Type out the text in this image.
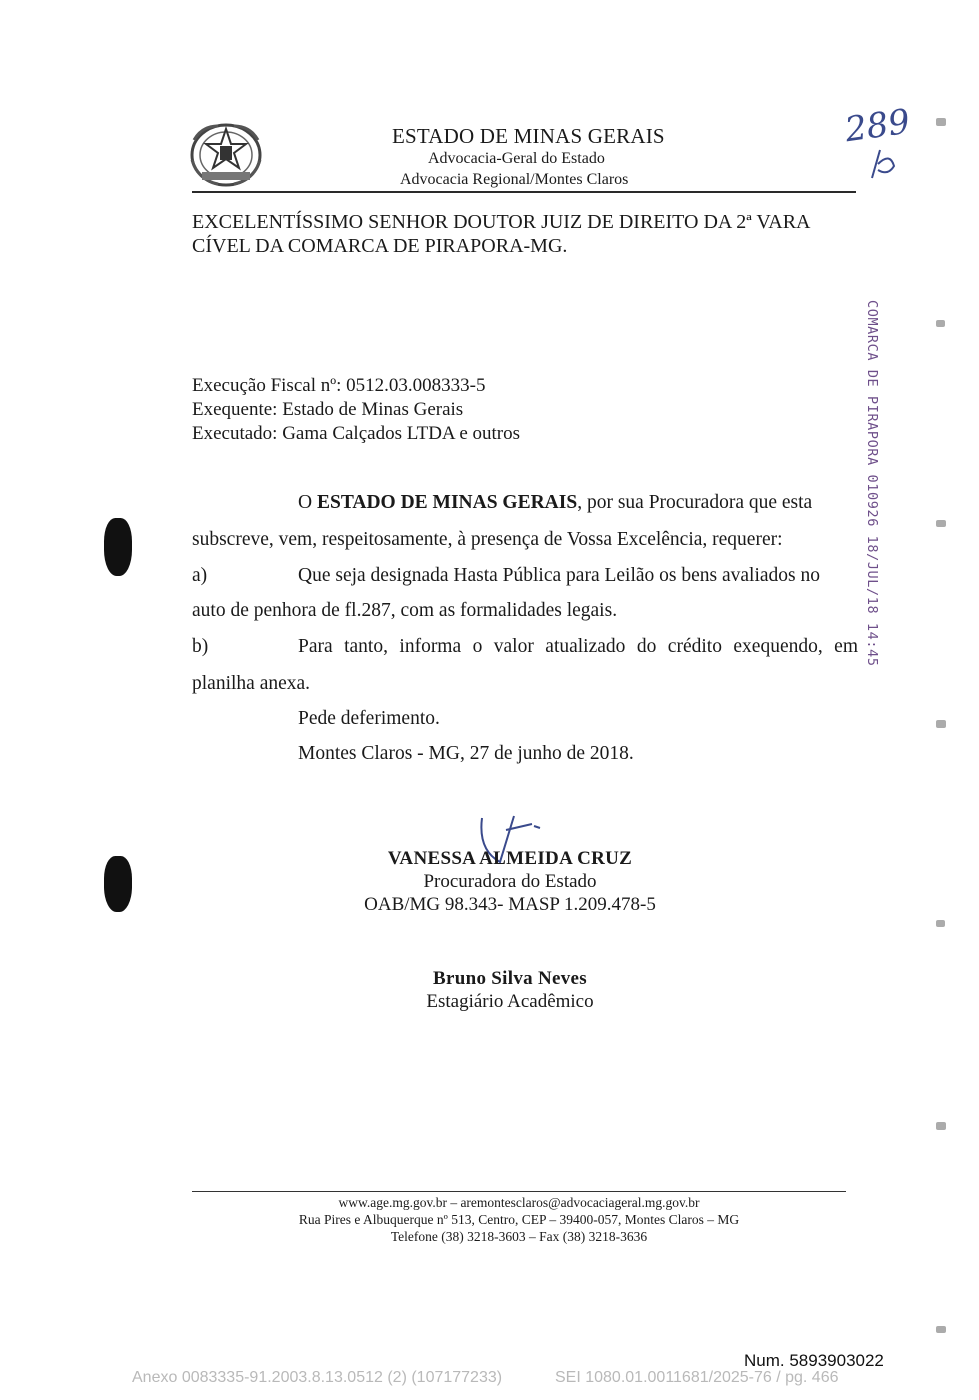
ESTADO DE MINAS GERAIS
Advocacia-Geral do Estado
Advocacia Regional/Montes Claros
289
EXCELENTÍSSIMO SENHOR DOUTOR JUIZ DE DIREITO DA 2ª VARA
CÍVEL DA COMARCA DE PIRAPORA-MG.
Execução Fiscal nº: 0512.03.008333-5
Exequente: Estado de Minas Gerais
Executado: Gama Calçados LTDA e outros
O ESTADO DE MINAS GERAIS, por sua Procuradora que esta
subscreve, vem, respeitosamente, à presença de Vossa Excelência, requerer:
a)	Que seja designada Hasta Pública para Leilão os bens avaliados no
auto de penhora de fl.287, com as formalidades legais.
b)	Para tanto, informa o valor atualizado do crédito exequendo, em
planilha anexa.
Pede deferimento.
Montes Claros - MG, 27 de junho de 2018.
COMARCA DE PIRAPORA 010926 18/JUL/18 14:45
VANESSA ALMEIDA CRUZ
Procuradora do Estado
OAB/MG 98.343- MASP 1.209.478-5
Bruno Silva Neves
Estagiário Acadêmico
www.age.mg.gov.br – aremontesclaros@advocaciageral.mg.gov.br
Rua Pires e Albuquerque nº 513, Centro, CEP – 39400-057, Montes Claros – MG
Telefone (38) 3218-3603 – Fax (38) 3218-3636
Num. 5893903022
Anexo 0083335-91.2003.8.13.0512 (2) (107177233)	SEI 1080.01.0011681/2025-76 / pg. 466
